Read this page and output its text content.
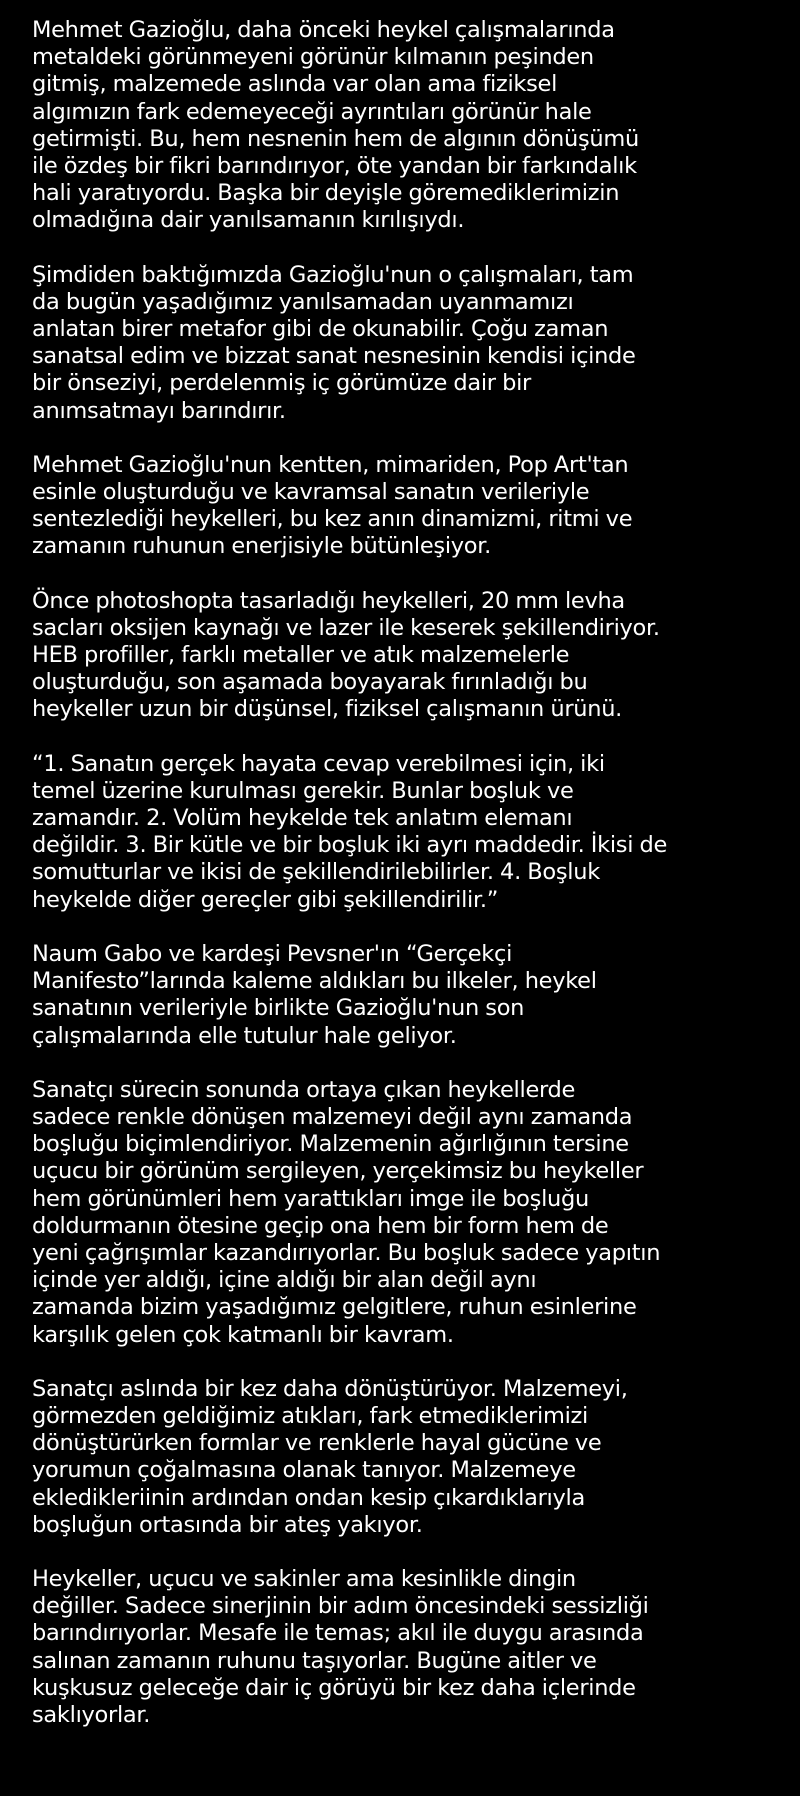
Mehmet Gazioğlu, daha önceki heykel çalışmalarında
metaldeki görünmeyeni görünür kılmanın peşinden
gitmiş, malzemede aslında var olan ama fiziksel
algımızın fark edemeyeceği ayrıntıları görünür hale
getirmişti. Bu, hem nesnenin hem de algının dönüşümü
ile özdeş bir fikri barındırıyor, öte yandan bir farkındalık
hali yaratıyordu. Başka bir deyişle göremediklerimizin
olmadığına dair yanılsamanın kırılışıydı.

Şimdiden baktığımızda Gazioğlu'nun o çalışmaları, tam
da bugün yaşadığımız yanılsamadan uyanmamızı
anlatan birer metafor gibi de okunabilir. Çoğu zaman
sanatsal edim ve bizzat sanat nesnesinin kendisi içinde
bir önseziyi, perdelenmiş iç görümüze dair bir
anımsatmayı barındırır.

Mehmet Gazioğlu'nun kentten, mimariden, Pop Art'tan
esinle oluşturduğu ve kavramsal sanatın verileriyle
sentezlediği heykelleri, bu kez anın dinamizmi, ritmi ve
zamanın ruhunun enerjisiyle bütünleşiyor.

Önce photoshopta tasarladığı heykelleri, 20 mm levha
sacları oksijen kaynağı ve lazer ile keserek şekillendiriyor.
HEB profiller, farklı metaller ve atık malzemelerle
oluşturduğu, son aşamada boyayarak fırınladığı bu
heykeller uzun bir düşünsel, fiziksel çalışmanın ürünü.

“1. Sanatın gerçek hayata cevap verebilmesi için, iki
temel üzerine kurulması gerekir. Bunlar boşluk ve
zamandır. 2. Volüm heykelde tek anlatım elemanı
değildir. 3. Bir kütle ve bir boşluk iki ayrı maddedir. İkisi de
somutturlar ve ikisi de şekillendirilebilirler. 4. Boşluk
heykelde diğer gereçler gibi şekillendirilir.”

Naum Gabo ve kardeşi Pevsner'ın “Gerçekçi
Manifesto”larında kaleme aldıkları bu ilkeler, heykel
sanatının verileriyle birlikte Gazioğlu'nun son
çalışmalarında elle tutulur hale geliyor.

Sanatçı sürecin sonunda ortaya çıkan heykellerde
sadece renkle dönüşen malzemeyi değil aynı zamanda
boşluğu biçimlendiriyor. Malzemenin ağırlığının tersine
uçucu bir görünüm sergileyen, yerçekimsiz bu heykeller
hem görünümleri hem yarattıkları imge ile boşluğu
doldurmanın ötesine geçip ona hem bir form hem de
yeni çağrışımlar kazandırıyorlar. Bu boşluk sadece yapıtın
içinde yer aldığı, içine aldığı bir alan değil aynı
zamanda bizim yaşadığımız gelgitlere, ruhun esinlerine
karşılık gelen çok katmanlı bir kavram.

Sanatçı aslında bir kez daha dönüştürüyor. Malzemeyi,
görmezden geldiğimiz atıkları, fark etmediklerimizi
dönüştürürken formlar ve renklerle hayal gücüne ve
yorumun çoğalmasına olanak tanıyor. Malzemeye
ekledikleriinin ardından ondan kesip çıkardıklarıyla
boşluğun ortasında bir ateş yakıyor.

Heykeller, uçucu ve sakinler ama kesinlikle dingin
değiller. Sadece sinerjinin bir adım öncesindeki sessizliği
barındırıyorlar. Mesafe ile temas; akıl ile duygu arasında
salınan zamanın ruhunu taşıyorlar. Bugüne aitler ve
kuşkusuz geleceğe dair iç görüyü bir kez daha içlerinde
saklıyorlar.
